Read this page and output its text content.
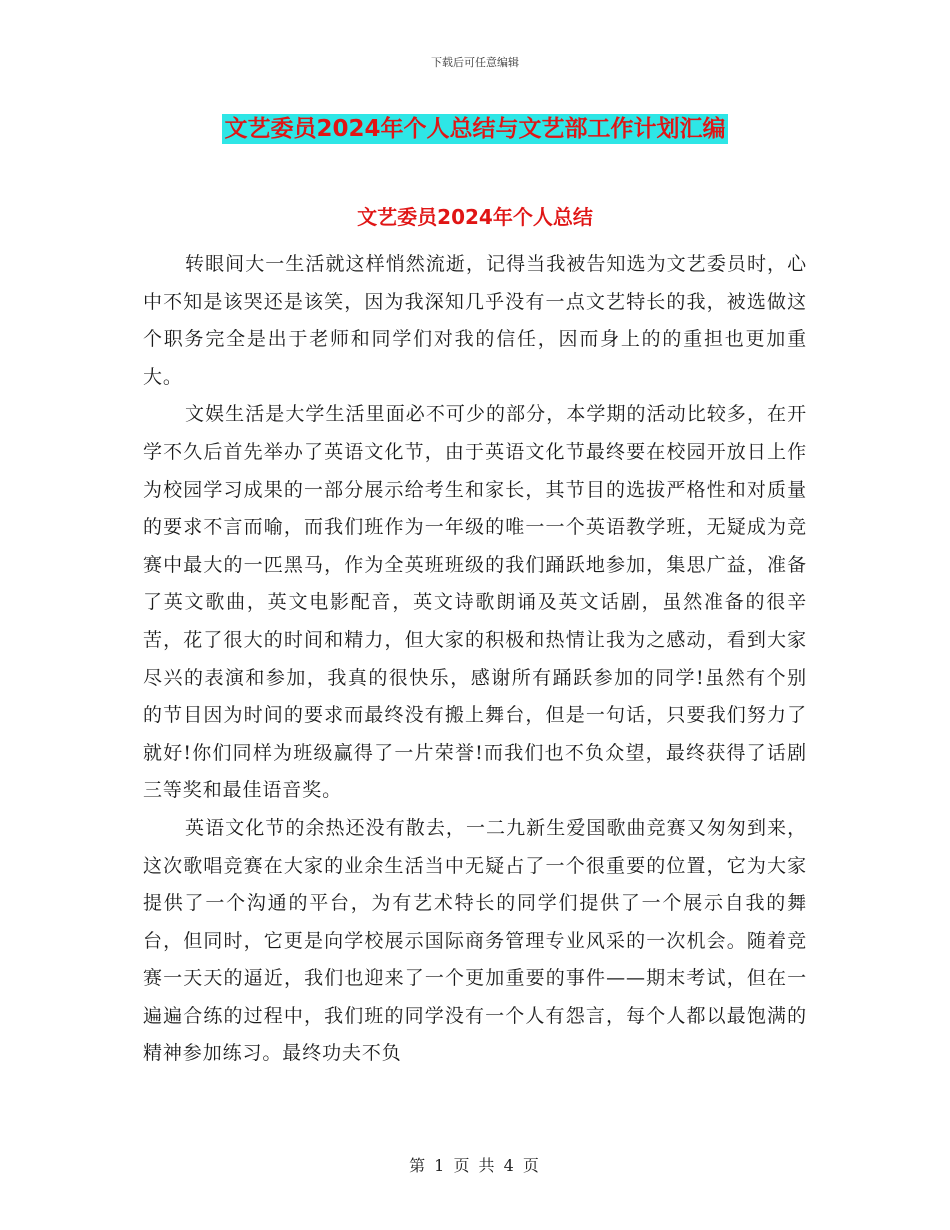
下载后可任意编辑
文艺委员2024年个人总结与文艺部工作计划汇编
文艺委员2024年个人总结

转眼间大一生活就这样悄然流逝，记得当我被告知选为文艺委员时，心中不知是该哭还是该笑，因为我深知几乎没有一点文艺特长的我，被选做这个职务完全是出于老师和同学们对我的信任，因而身上的的重担也更加重大。

文娱生活是大学生活里面必不可少的部分，本学期的活动比较多，在开学不久后首先举办了英语文化节，由于英语文化节最终要在校园开放日上作为校园学习成果的一部分展示给考生和家长，其节目的选拔严格性和对质量的要求不言而喻，而我们班作为一年级的唯一一个英语教学班，无疑成为竞赛中最大的一匹黑马，作为全英班班级的我们踊跃地参加，集思广益，准备了英文歌曲，英文电影配音，英文诗歌朗诵及英文话剧，虽然准备的很辛苦，花了很大的时间和精力，但大家的积极和热情让我为之感动，看到大家尽兴的表演和参加，我真的很快乐，感谢所有踊跃参加的同学!虽然有个别的节目因为时间的要求而最终没有搬上舞台，但是一句话，只要我们努力了就好!你们同样为班级赢得了一片荣誉!而我们也不负众望，最终获得了话剧三等奖和最佳语音奖。

英语文化节的余热还没有散去，一二九新生爱国歌曲竞赛又匆匆到来，这次歌唱竞赛在大家的业余生活当中无疑占了一个很重要的位置，它为大家提供了一个沟通的平台，为有艺术特长的同学们提供了一个展示自我的舞台，但同时，它更是向学校展示国际商务管理专业风采的一次机会。随着竞赛一天天的逼近，我们也迎来了一个更加重要的事件——期末考试，但在一遍遍合练的过程中，我们班的同学没有一个人有怨言，每个人都以最饱满的精神参加练习。最终功夫不负

第 1 页 共 4 页
